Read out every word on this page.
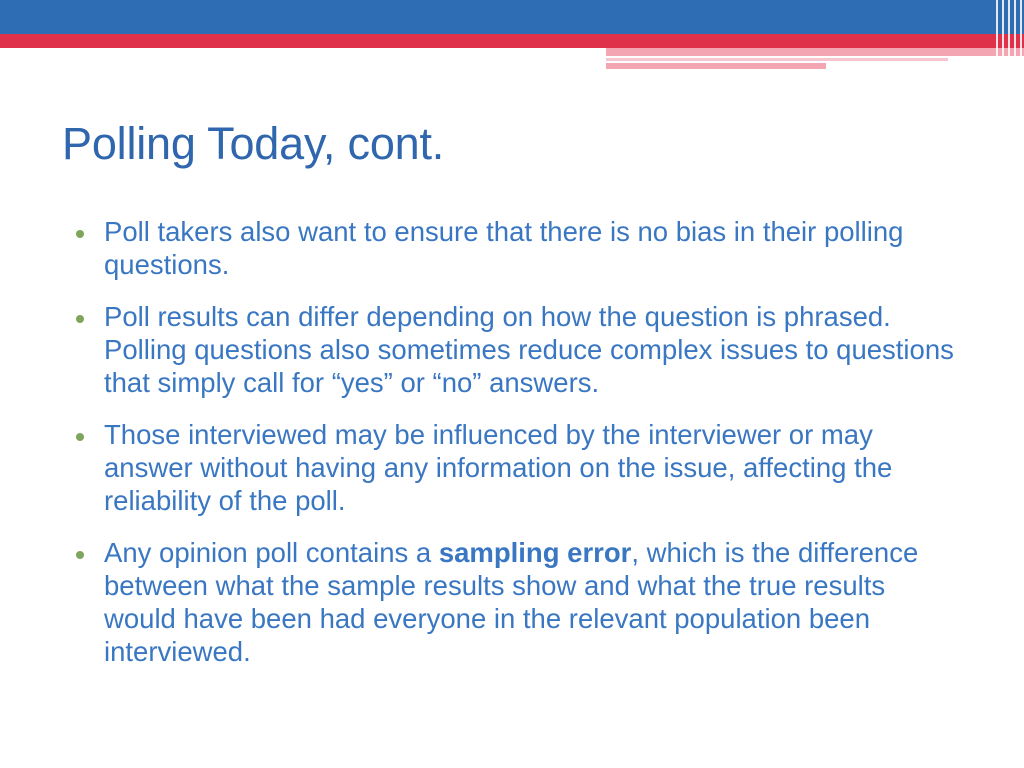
Polling Today, cont.
Poll takers also want to ensure that there is no bias in their polling questions.
Poll results can differ depending on how the question is phrased. Polling questions also sometimes reduce complex issues to questions that simply call for “yes” or “no” answers.
Those interviewed may be influenced by the interviewer or may answer without having any information on the issue, affecting the reliability of the poll.
Any opinion poll contains a sampling error, which is the difference between what the sample results show and what the true results would have been had everyone in the relevant population been interviewed.
